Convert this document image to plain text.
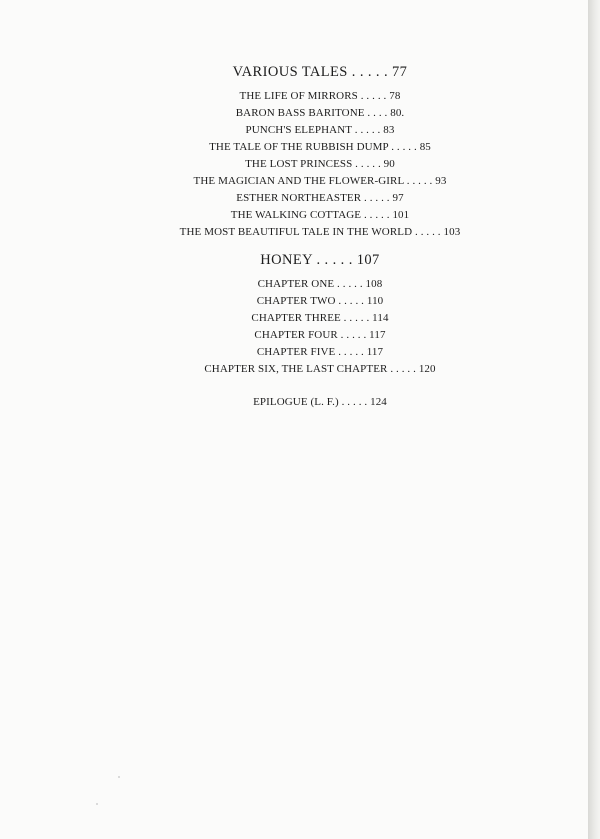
VARIOUS TALES . . . . . 77
THE LIFE OF MIRRORS . . . . . 78
BARON BASS BARITONE . . . . 80.
PUNCH'S ELEPHANT . . . . . 83
THE TALE OF THE RUBBISH DUMP . . . . . 85
THE LOST PRINCESS . . . . . 90
THE MAGICIAN AND THE FLOWER-GIRL . . . . . 93
ESTHER NORTHEASTER . . . . . 97
THE WALKING COTTAGE . . . . . 101
THE MOST BEAUTIFUL TALE IN THE WORLD . . . . . 103
HONEY . . . . . 107
CHAPTER ONE . . . . . 108
CHAPTER TWO . . . . . 110
CHAPTER THREE . . . . . 114
CHAPTER FOUR . . . . . 117
CHAPTER FIVE . . . . . 117
CHAPTER SIX, THE LAST CHAPTER . . . . . 120
EPILOGUE (L. F.) . . . . . 124
